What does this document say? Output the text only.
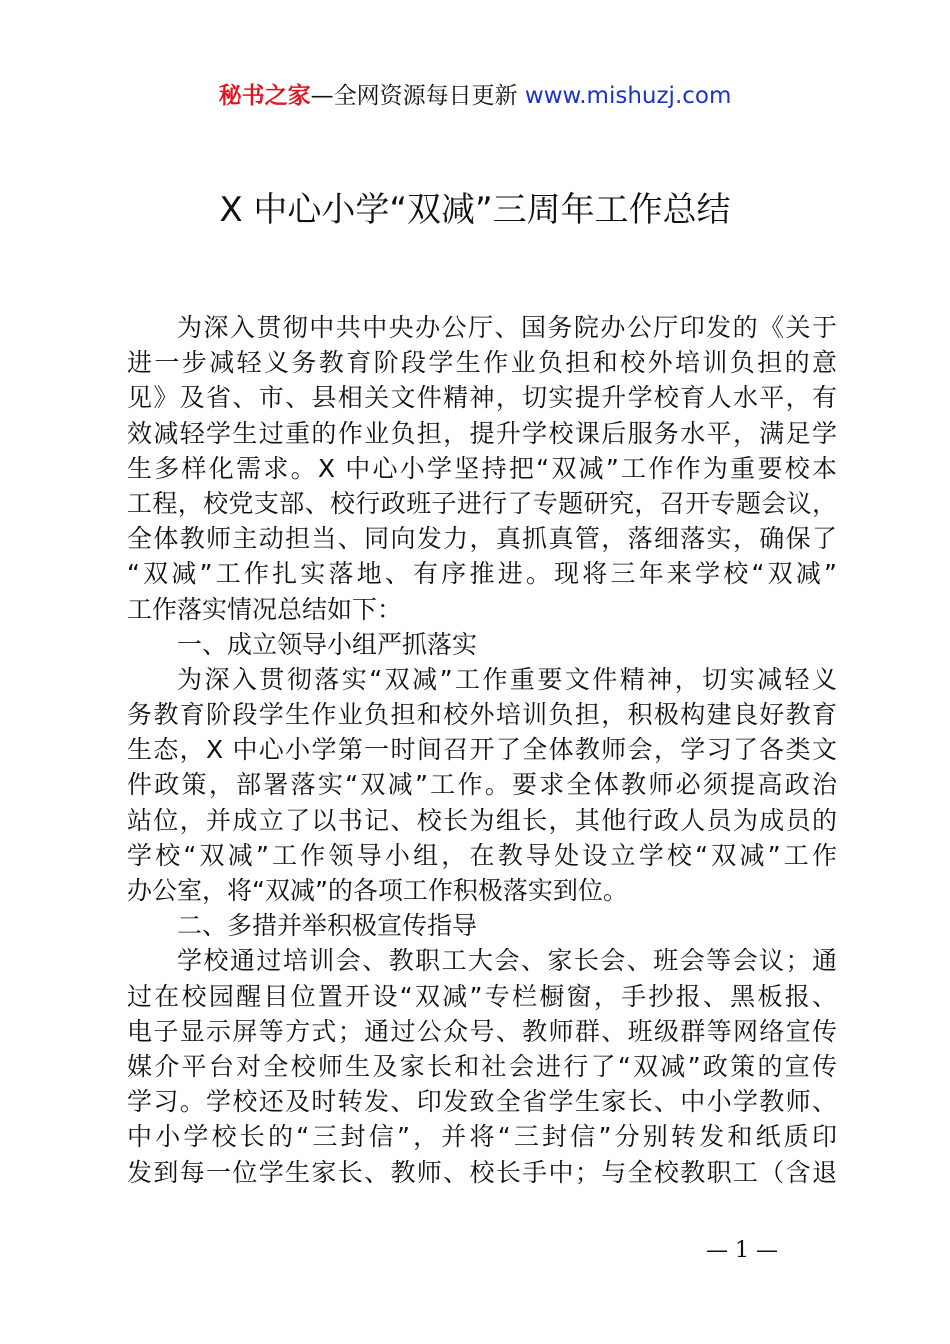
秘书之家—全网资源每日更新 www.mishuzj.com
X 中心小学“双减”三周年工作总结
为深入贯彻中共中央办公厅、国务院办公厅印发的《关于
进一步减轻义务教育阶段学生作业负担和校外培训负担的意
见》及省、市、县相关文件精神，切实提升学校育人水平，有
效减轻学生过重的作业负担，提升学校课后服务水平，满足学
生多样化需求。X 中心小学坚持把“双减”工作作为重要校本
工程，校党支部、校行政班子进行了专题研究，召开专题会议，
全体教师主动担当、同向发力，真抓真管，落细落实，确保了
“双减”工作扎实落地、有序推进。现将三年来学校“双减”
工作落实情况总结如下：
一、成立领导小组严抓落实
为深入贯彻落实“双减”工作重要文件精神，切实减轻义
务教育阶段学生作业负担和校外培训负担，积极构建良好教育
生态，X 中心小学第一时间召开了全体教师会，学习了各类文
件政策，部署落实“双减”工作。要求全体教师必须提高政治
站位，并成立了以书记、校长为组长，其他行政人员为成员的
学校“双减”工作领导小组，在教导处设立学校“双减”工作
办公室，将“双减”的各项工作积极落实到位。
二、多措并举积极宣传指导
学校通过培训会、教职工大会、家长会、班会等会议；通
过在校园醒目位置开设“双减”专栏橱窗，手抄报、黑板报、
电子显示屏等方式；通过公众号、教师群、班级群等网络宣传
媒介平台对全校师生及家长和社会进行了“双减”政策的宣传
学习。学校还及时转发、印发致全省学生家长、中小学教师、
中小学校长的“三封信”，并将“三封信”分别转发和纸质印
发到每一位学生家长、教师、校长手中；与全校教职工（含退
— 1 —
